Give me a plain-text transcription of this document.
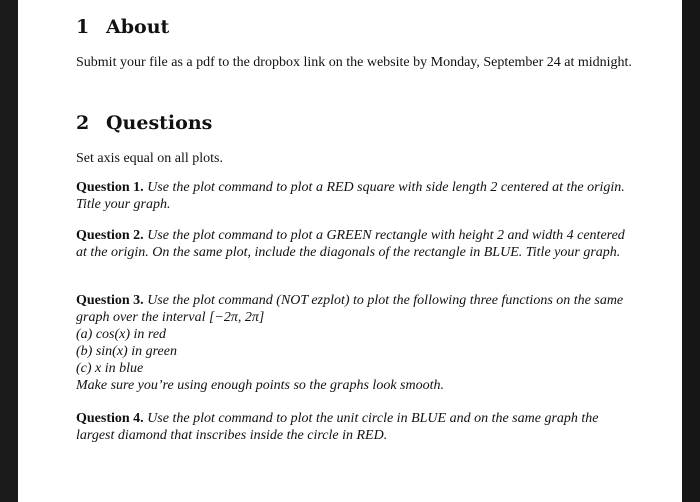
1 About

Submit your file as a pdf to the dropbox link on the website by Monday, September 24 at midnight.

2 Questions

Set axis equal on all plots.

Question 1. Use the plot command to plot a RED square with side length 2 centered at the origin. Title your graph.

Question 2. Use the plot command to plot a GREEN rectangle with height 2 and width 4 centered at the origin. On the same plot, include the diagonals of the rectangle in BLUE. Title your graph.

Question 3. Use the plot command (NOT ezplot) to plot the following three functions on the same graph over the interval [−2π, 2π]

(a) cos(x) in red

(b) sin(x) in green

(c) x in blue

Make sure you’re using enough points so the graphs look smooth.

Question 4. Use the plot command to plot the unit circle in BLUE and on the same graph the largest diamond that inscribes inside the circle in RED.
